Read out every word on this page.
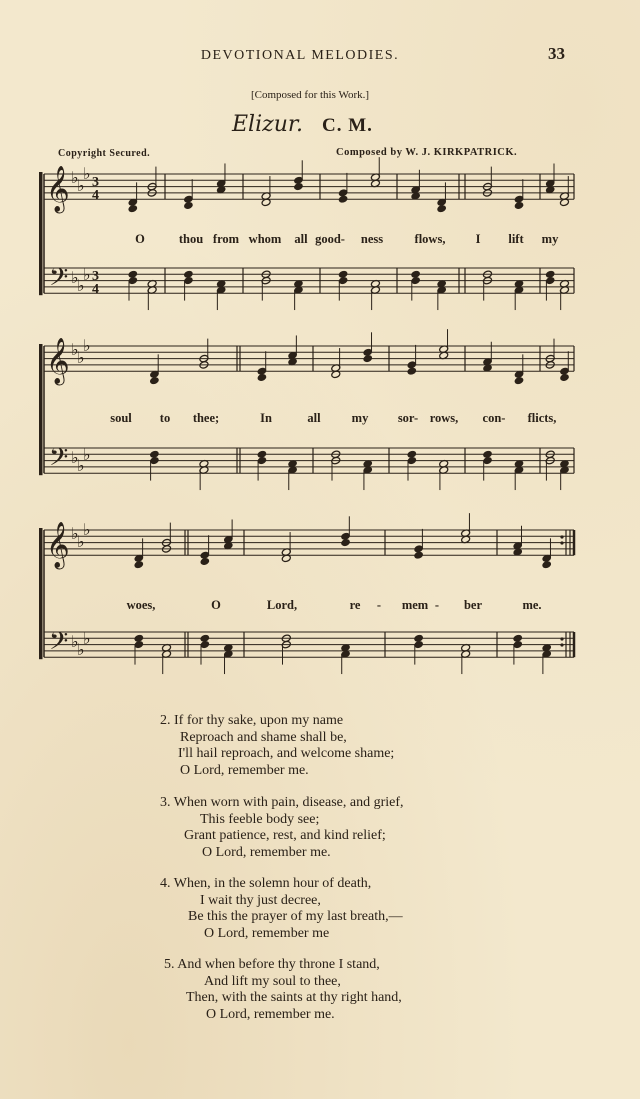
DEVOTIONAL MELODIES.	33
[Composed for this Work.]
Elizur. C. M.
Copyright Secured.	Composed by W. J. KIRKPATRICK.
𝄞
𝄢
♭
♭
♭
♭
♭
♭
3
4
3
4
O	thou from whom all good- ness	flows, I lift my
𝄞
𝄢
♭
♭
♭
♭
♭
♭
soul to thee;	In	all my sor- rows, con- flicts,
𝄞
𝄢
♭
♭
♭
♭
♭
♭
woes,	O	Lord,	re - mem - ber	me.
2. If for thy sake, upon my name
Reproach and shame shall be,
I'll hail reproach, and welcome shame;
O Lord, remember me.
3. When worn with pain, disease, and grief,
This feeble body see;
Grant patience, rest, and kind relief;
O Lord, remember me.
4. When, in the solemn hour of death,
I wait thy just decree,
Be this the prayer of my last breath,—
O Lord, remember me
5. And when before thy throne I stand,
And lift my soul to thee,
Then, with the saints at thy right hand,
O Lord, remember me.
